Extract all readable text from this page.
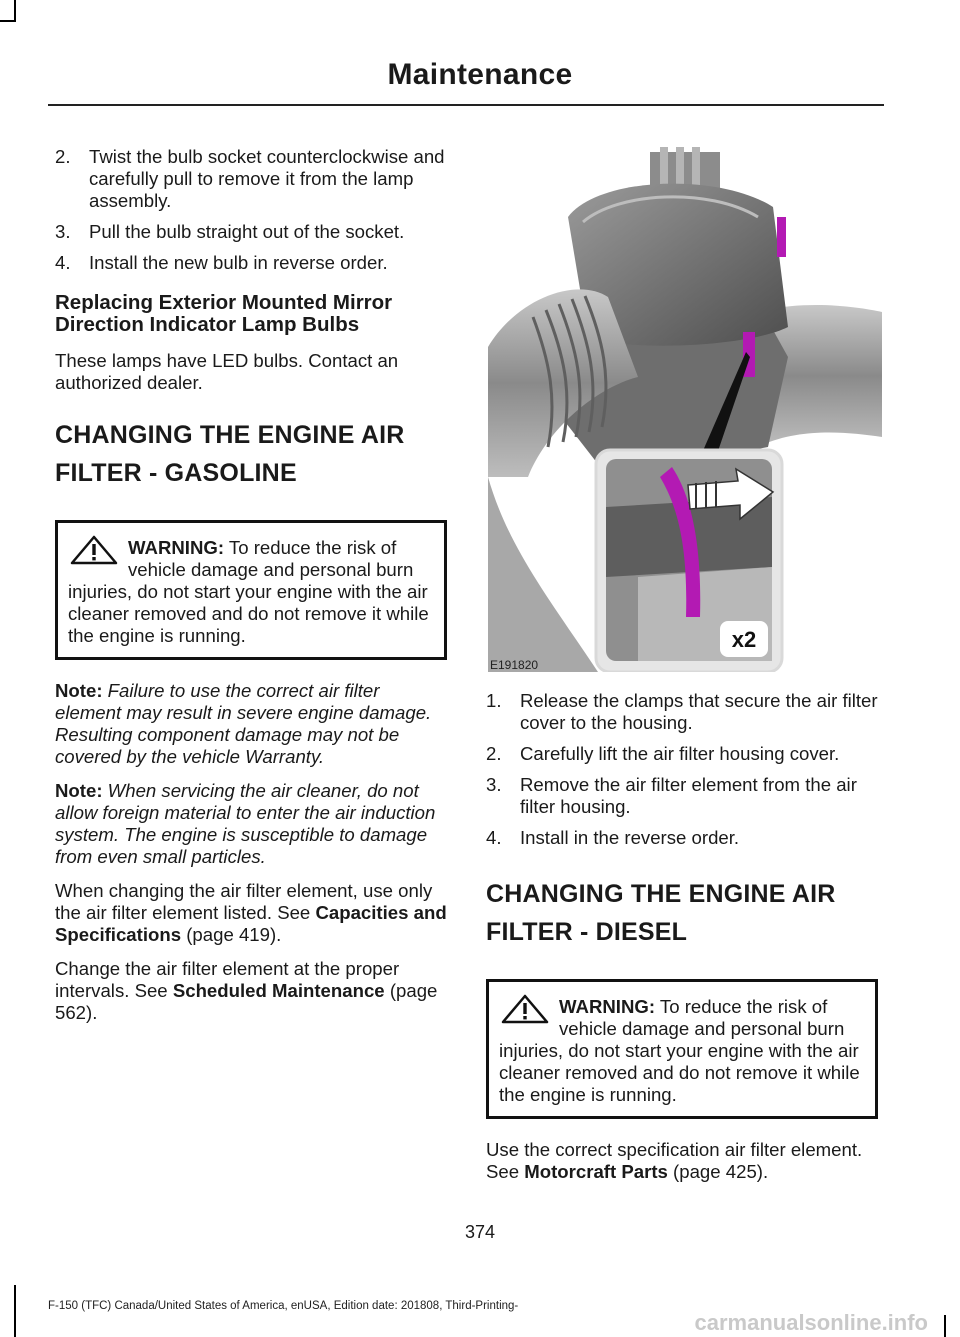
Maintenance
2. Twist the bulb socket counterclockwise and carefully pull to remove it from the lamp assembly.
3. Pull the bulb straight out of the socket.
4. Install the new bulb in reverse order.
Replacing Exterior Mounted Mirror Direction Indicator Lamp Bulbs

These lamps have LED bulbs. Contact an authorized dealer.

CHANGING THE ENGINE AIR
FILTER - GASOLINE
WARNING: To reduce the risk of vehicle damage and personal burn injuries, do not start your engine with the air cleaner removed and do not remove it while the engine is running.

Note: Failure to use the correct air filter element may result in severe engine damage. Resulting component damage may not be covered by the vehicle Warranty.

Note: When servicing the air cleaner, do not allow foreign material to enter the air induction system. The engine is susceptible to damage from even small particles.

When changing the air filter element, use only the air filter element listed. See Capacities and Specifications (page 419).

Change the air filter element at the proper intervals. See Scheduled Maintenance (page 562).

x2
E191820
1. Release the clamps that secure the air filter cover to the housing.
2. Carefully lift the air filter housing cover.
3. Remove the air filter element from the air filter housing.
4. Install in the reverse order.
CHANGING THE ENGINE AIR
FILTER - DIESEL
WARNING: To reduce the risk of vehicle damage and personal burn injuries, do not start your engine with the air cleaner removed and do not remove it while the engine is running.

Use the correct specification air filter element. See Motorcraft Parts (page 425).

374
F-150 (TFC) Canada/United States of America, enUSA, Edition date: 201808, Third-Printing-
carmanualsonline.info
